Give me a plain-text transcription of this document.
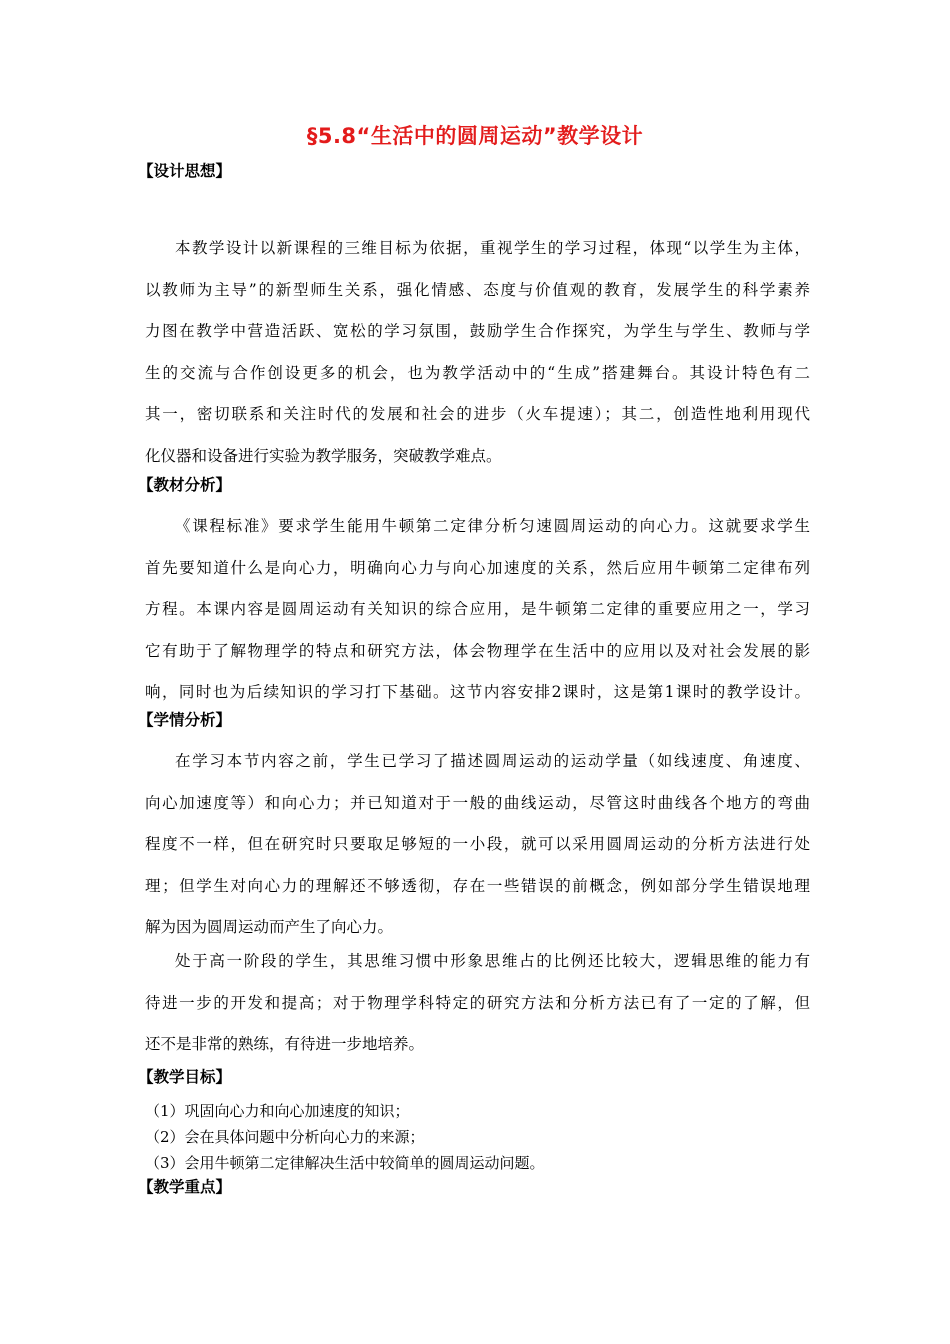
§5.8“生活中的圆周运动”教学设计
【设计思想】
本教学设计以新课程的三维目标为依据，重视学生的学习过程，体现“以学生为主体，
以教师为主导”的新型师生关系，强化情感、态度与价值观的教育，发展学生的科学素养
力图在教学中营造活跃、宽松的学习氛围，鼓励学生合作探究，为学生与学生、教师与学
生的交流与合作创设更多的机会，也为教学活动中的“生成”搭建舞台。其设计特色有二
其一，密切联系和关注时代的发展和社会的进步（火车提速）；其二，创造性地利用现代
化仪器和设备进行实验为教学服务，突破教学难点。
【教材分析】
《课程标准》要求学生能用牛顿第二定律分析匀速圆周运动的向心力。这就要求学生
首先要知道什么是向心力，明确向心力与向心加速度的关系，然后应用牛顿第二定律布列
方程。本课内容是圆周运动有关知识的综合应用，是牛顿第二定律的重要应用之一，学习
它有助于了解物理学的特点和研究方法，体会物理学在生活中的应用以及对社会发展的影
响，同时也为后续知识的学习打下基础。这节内容安排2课时，这是第1课时的教学设计。
【学情分析】
在学习本节内容之前，学生已学习了描述圆周运动的运动学量（如线速度、角速度、
向心加速度等）和向心力；并已知道对于一般的曲线运动，尽管这时曲线各个地方的弯曲
程度不一样，但在研究时只要取足够短的一小段，就可以采用圆周运动的分析方法进行处
理；但学生对向心力的理解还不够透彻，存在一些错误的前概念，例如部分学生错误地理
解为因为圆周运动而产生了向心力。
处于高一阶段的学生，其思维习惯中形象思维占的比例还比较大，逻辑思维的能力有
待进一步的开发和提高；对于物理学科特定的研究方法和分析方法已有了一定的了解，但
还不是非常的熟练，有待进一步地培养。
【教学目标】
（1）巩固向心力和向心加速度的知识；
（2）会在具体问题中分析向心力的来源；
（3）会用牛顿第二定律解决生活中较简单的圆周运动问题。
【教学重点】
